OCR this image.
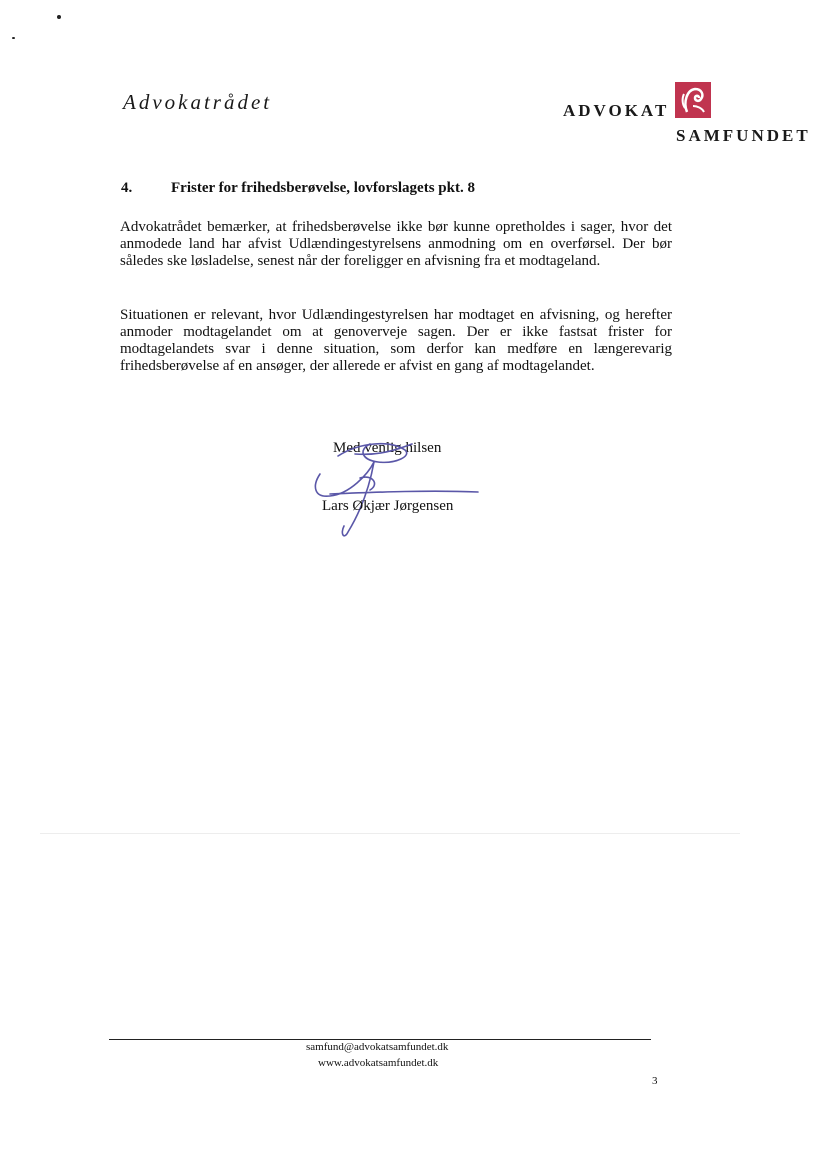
Advokatrådet	ADVOKAT
SAMFUNDET
4.	Frister for frihedsberøvelse, lovforslagets pkt. 8
Advokatrådet bemærker, at frihedsberøvelse ikke bør kunne opretholdes i sager, hvor det anmodede land har afvist Udlændingestyrelsens anmodning om en overførsel. Der bør således ske løsladelse, senest når der foreligger en afvisning fra et modtageland.
Situationen er relevant, hvor Udlændingestyrelsen har modtaget en afvisning, og herefter anmoder modtagelandet om at genoverveje sagen. Der er ikke fastsat frister for modtagelandets svar i denne situation, som derfor kan medføre en længerevarig frihedsberøvelse af en ansøger, der allerede er afvist en gang af modtagelandet.
Med venlig hilsen
Lars Økjær Jørgensen
samfund@advokatsamfundet.dk
www.advokatsamfundet.dk
3
